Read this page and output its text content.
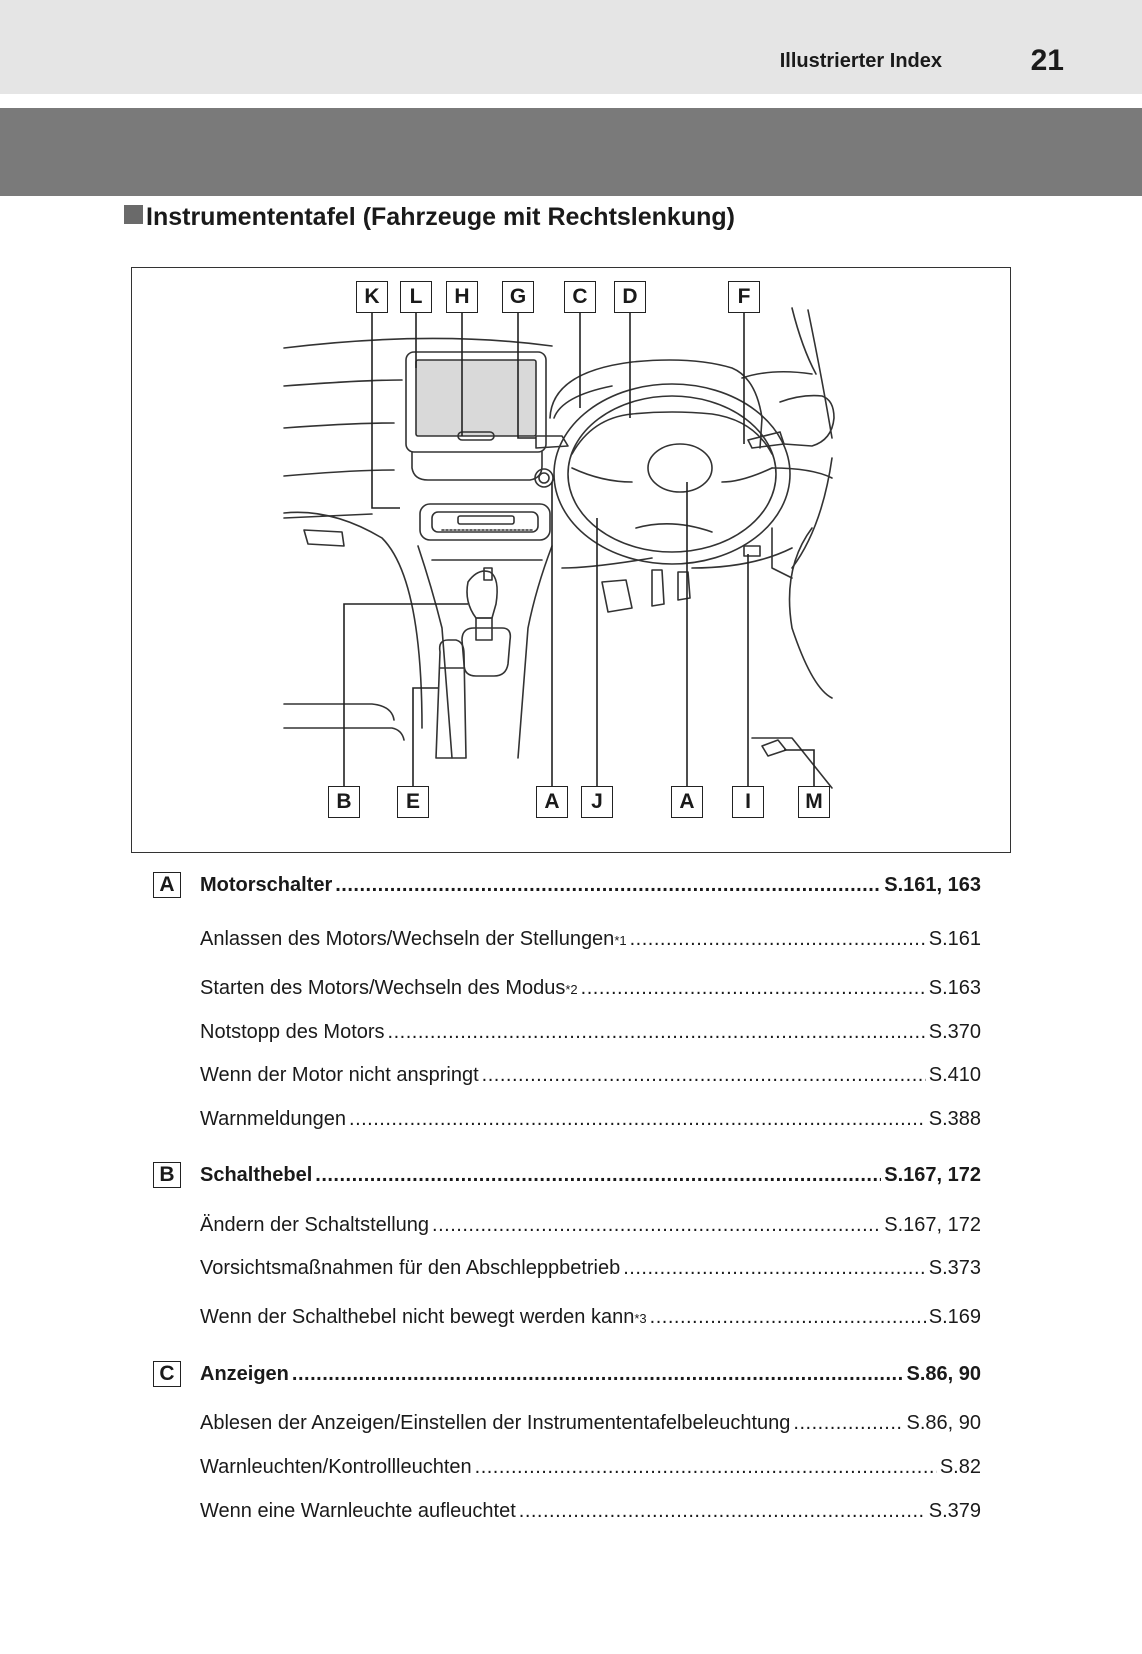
Illustrierter Index	21
Instrumententafel (Fahrzeuge mit Rechtslenkung)
K	L	H	G	C	D	F
B	E	A	J	A	I	M
A	Motorschalter .....	S.161, 163
Anlassen des Motors/Wechseln der Stellungen *1 .....	S.161
Starten des Motors/Wechseln des Modus *2 .....	S.163
Notstopp des Motors .....	S.370
Wenn der Motor nicht anspringt .....	S.410
Warnmeldungen .....	S.388
B	Schalthebel .....	S.167, 172
Ändern der Schaltstellung .....	S.167, 172
Vorsichtsmaßnahmen für den Abschleppbetrieb .....	S.373
Wenn der Schalthebel nicht bewegt werden kann *3 .....	S.169
C	Anzeigen .....	S.86, 90
Ablesen der Anzeigen/Einstellen der Instrumententafelbeleuchtung .....	S.86, 90
Warnleuchten/Kontrollleuchten .....	S.82
Wenn eine Warnleuchte aufleuchtet .....	S.379
